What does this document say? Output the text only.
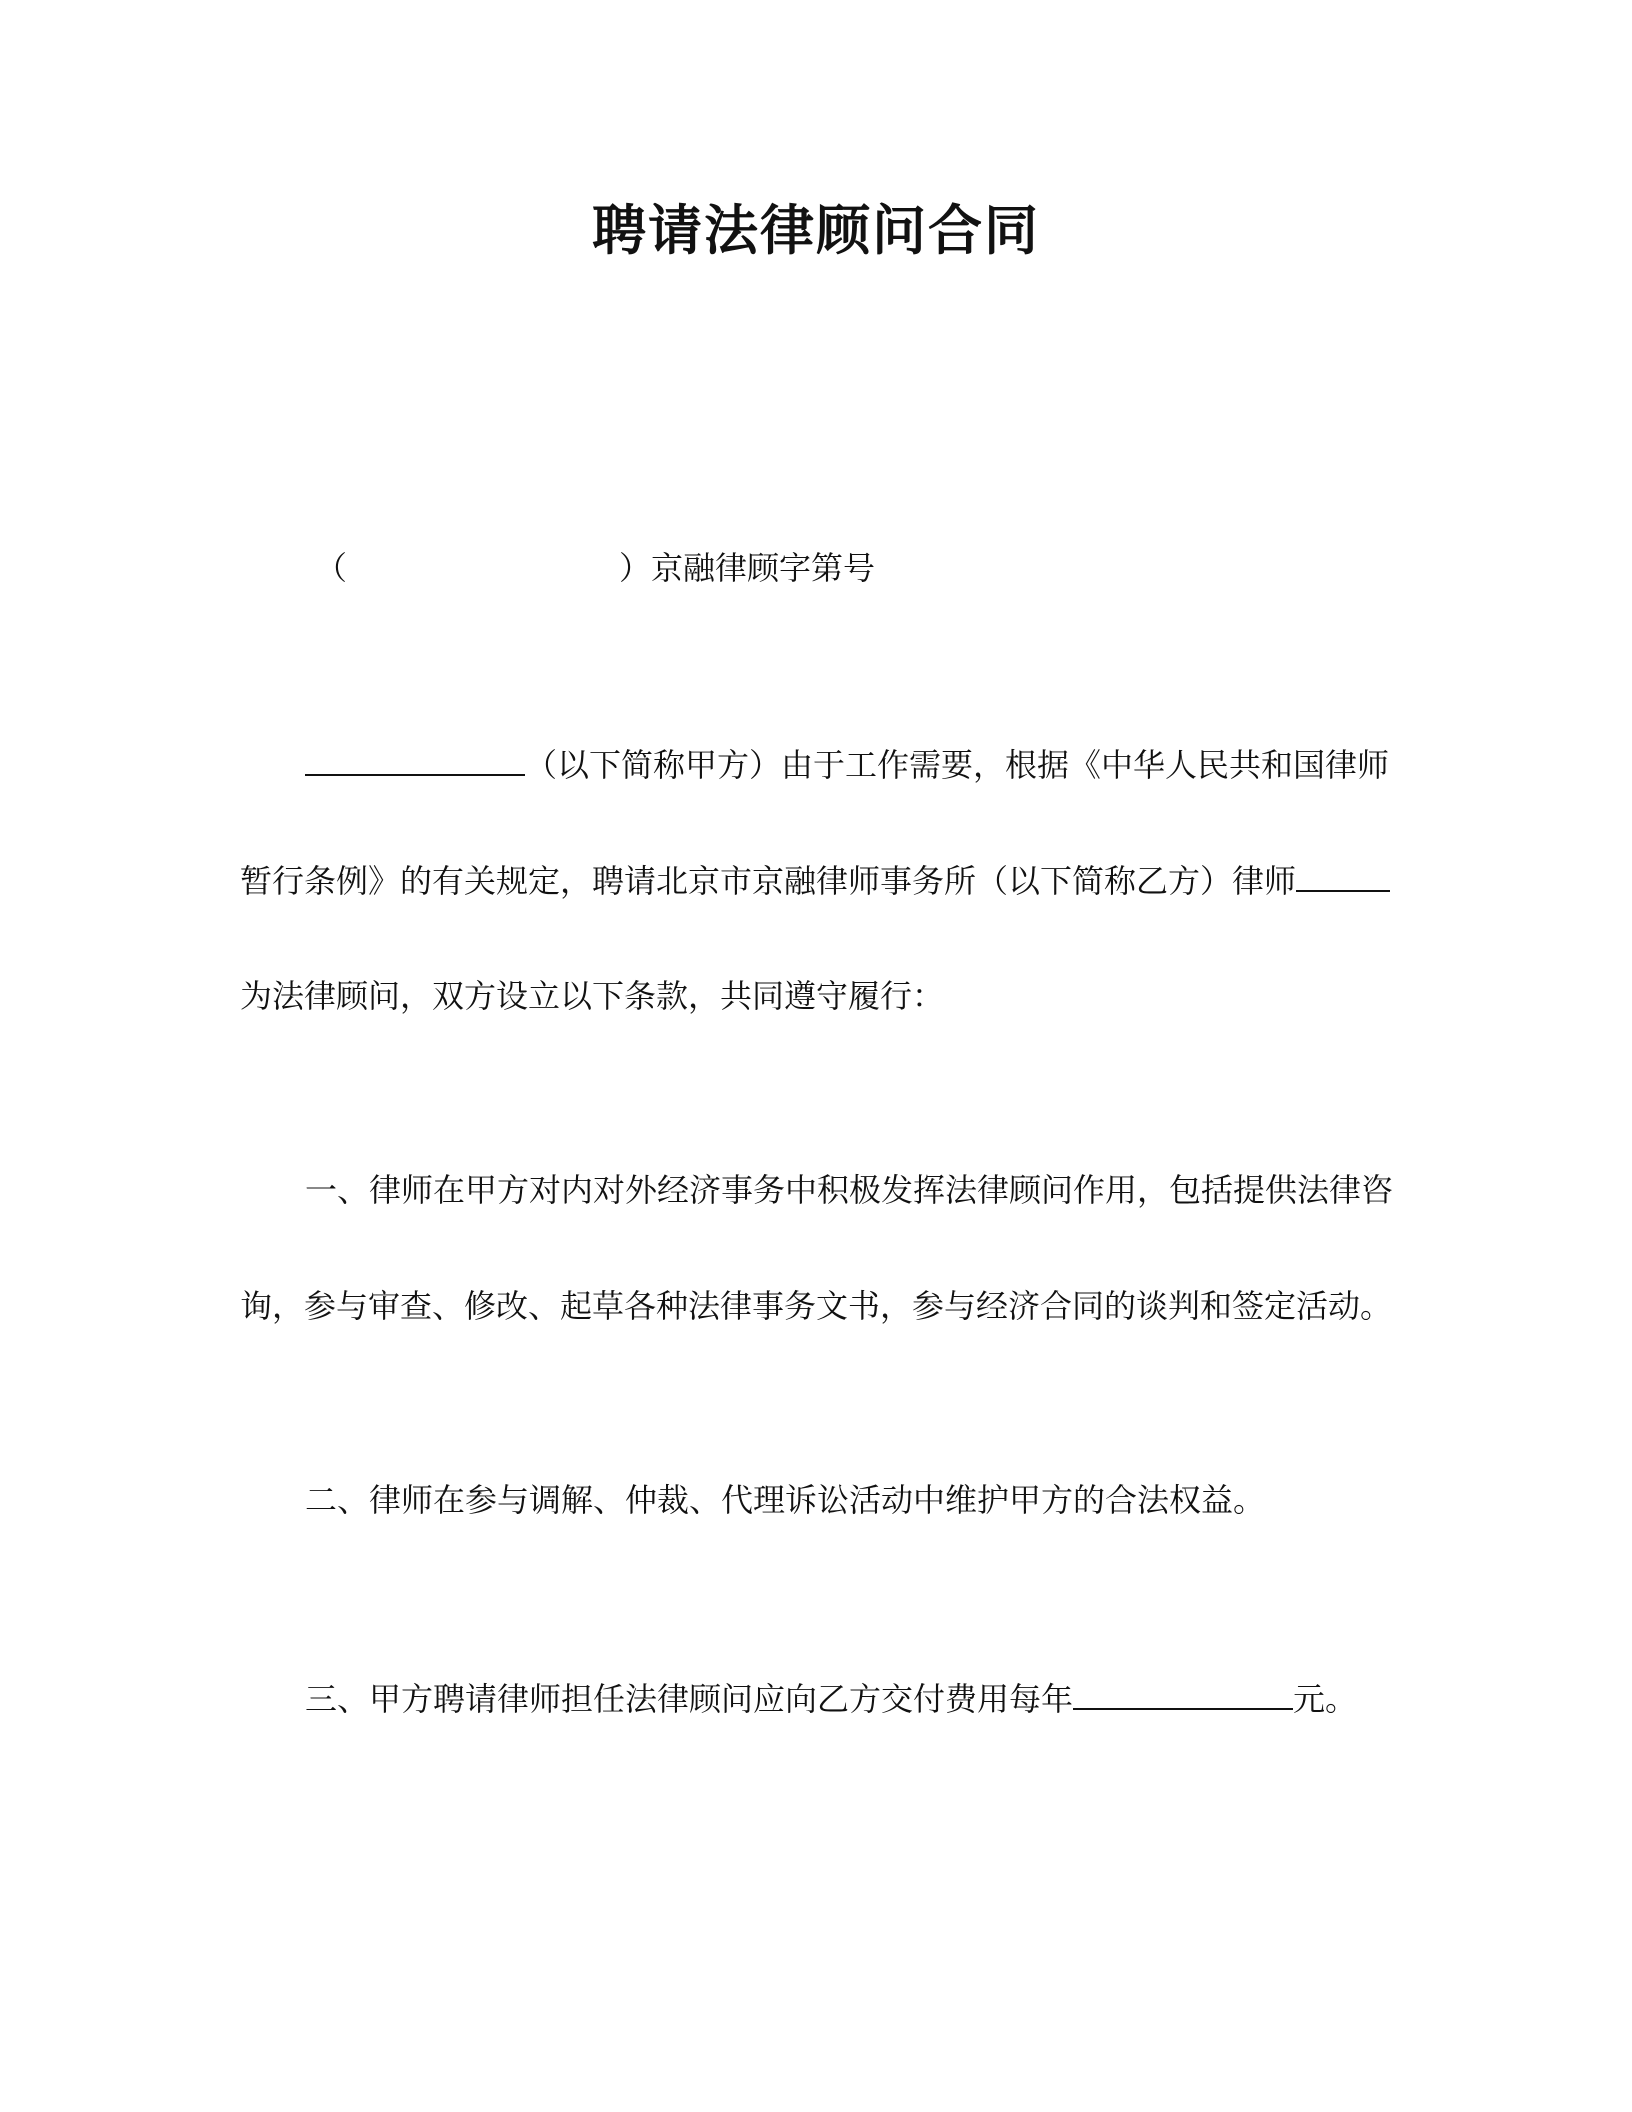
聘请法律顾问合同
（	）京融律顾字第号
（以下简称甲方）由于工作需要，根据《中华人民共和国律师
暂行条例》的有关规定，聘请北京市京融律师事务所（以下简称乙方）律师
为法律顾问，双方设立以下条款，共同遵守履行：
一、律师在甲方对内对外经济事务中积极发挥法律顾问作用，包括提供法律咨
询，参与审查、修改、起草各种法律事务文书，参与经济合同的谈判和签定活动。
二、律师在参与调解、仲裁、代理诉讼活动中维护甲方的合法权益。
三、甲方聘请律师担任法律顾问应向乙方交付费用每年	元。
